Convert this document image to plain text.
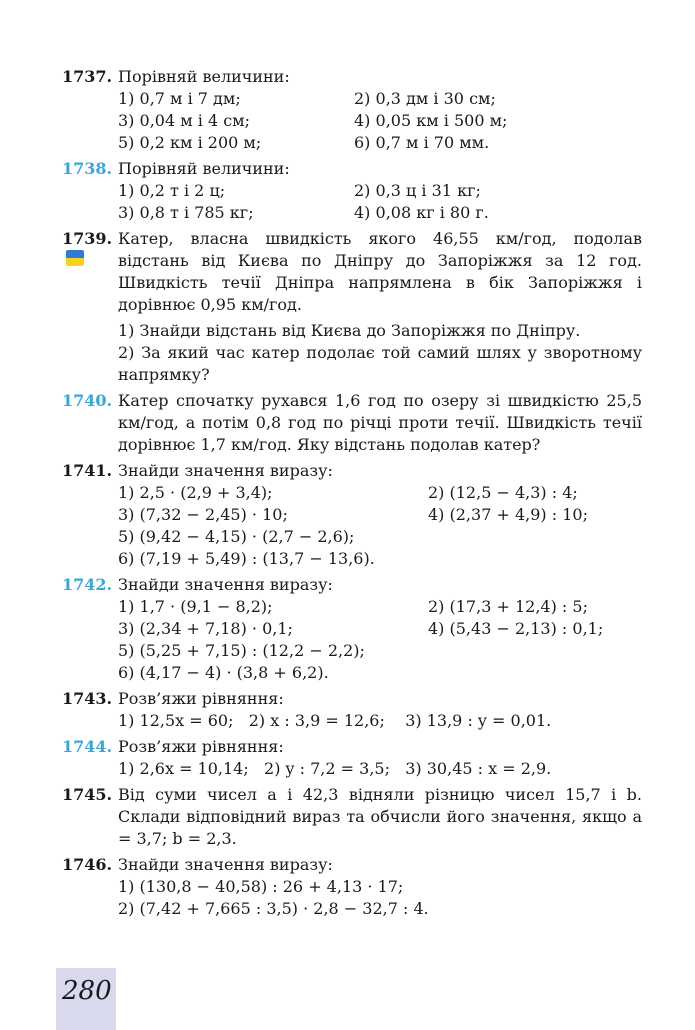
1737. Порівняй величини:
1) 0,7 м і 7 дм;	2) 0,3 дм і 30 см;
3) 0,04 м і 4 см;	4) 0,05 км і 500 м;
5) 0,2 км і 200 м;	6) 0,7 м і 70 мм.
1738. Порівняй величини:
1) 0,2 т і 2 ц;	2) 0,3 ц і 31 кг;
3) 0,8 т і 785 кг;	4) 0,08 кг і 80 г.
1739. Катер, власна швидкість якого 46,55 км/год, подолав відстань від Києва по Дніпру до Запоріжжя за 12 год. Швидкість течії Дніпра напрямлена в бік Запоріжжя і дорівнює 0,95 км/год.
1) Знайди відстань від Києва до Запоріжжя по Дніпру.
2) За який час катер подолає той самий шлях у зворотному напрямку?
1740. Катер спочатку рухався 1,6 год по озеру зі швидкістю 25,5 км/год, а потім 0,8 год по річці проти течії. Швидкість течії дорівнює 1,7 км/год. Яку відстань подолав катер?
1741. Знайди значення виразу:
1) 2,5 · (2,9 + 3,4);	2) (12,5 − 4,3) : 4;
3) (7,32 − 2,45) · 10;	4) (2,37 + 4,9) : 10;
5) (9,42 − 4,15) · (2,7 − 2,6);
6) (7,19 + 5,49) : (13,7 − 13,6).
1742. Знайди значення виразу:
1) 1,7 · (9,1 − 8,2);	2) (17,3 + 12,4) : 5;
3) (2,34 + 7,18) · 0,1;	4) (5,43 − 2,13) : 0,1;
5) (5,25 + 7,15) : (12,2 − 2,2);
6) (4,17 − 4) · (3,8 + 6,2).
1743. Розв’яжи рівняння:
1) 12,5x = 60;   2) x : 3,9 = 12,6;    3) 13,9 : y = 0,01.
1744. Розв’яжи рівняння:
1) 2,6x = 10,14;   2) y : 7,2 = 3,5;   3) 30,45 : x = 2,9.
1745. Від суми чисел a і 42,3 відняли різницю чисел 15,7 і b. Склади відповідний вираз та обчисли його значення, якщо a = 3,7; b = 2,3.
1746. Знайди значення виразу:
1) (130,8 − 40,58) : 26 + 4,13 · 17;
2) (7,42 + 7,665 : 3,5) · 2,8 − 32,7 : 4.
280
